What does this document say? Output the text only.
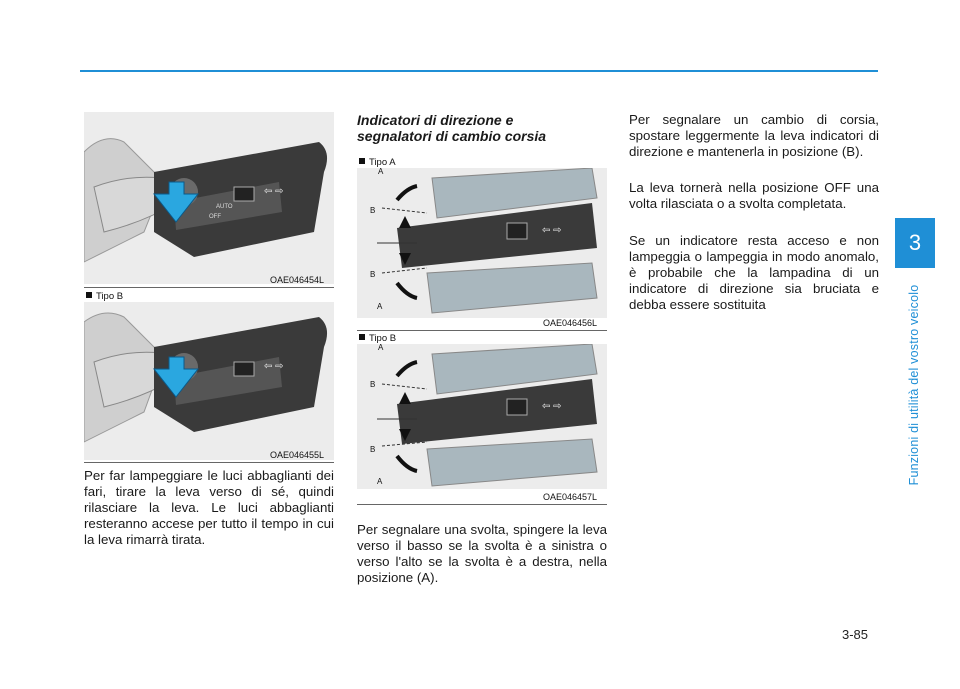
3
Funzioni di utilità del vostro veicolo
⇦ ⇨
AUTO
OFF
OAE046454L
Tipo B
⇦ ⇨
OAE046455L

Per far lampeggiare le luci abbaglianti dei fari, tirare la leva verso di sé, quindi rilasciare la leva. Le luci abbaglianti resteranno accese per tutto il tempo in cui la leva rimarrà tirata.

Indicatori di direzione e
segnalatori di cambio corsia

Tipo A
⇦ ⇨
OAE046456L
Tipo B
⇦ ⇨
OAE046457L
A
B
B
A
A
B
B
A

Per segnalare una svolta, spingere la leva verso il basso se la svolta è a sinistra o verso l'alto se la svolta è a destra, nella posizione (A).

Per segnalare un cambio di corsia, spostare leggermente la leva indicatori di direzione e mantenerla in posizione (B).

La leva tornerà nella posizione OFF una volta rilasciata o a svolta completata.

Se un indicatore resta acceso e non lampeggia o lampeggia in modo anomalo, è probabile che la lampadina di un indicatore di direzione sia bruciata e debba essere sostituita

3-85
